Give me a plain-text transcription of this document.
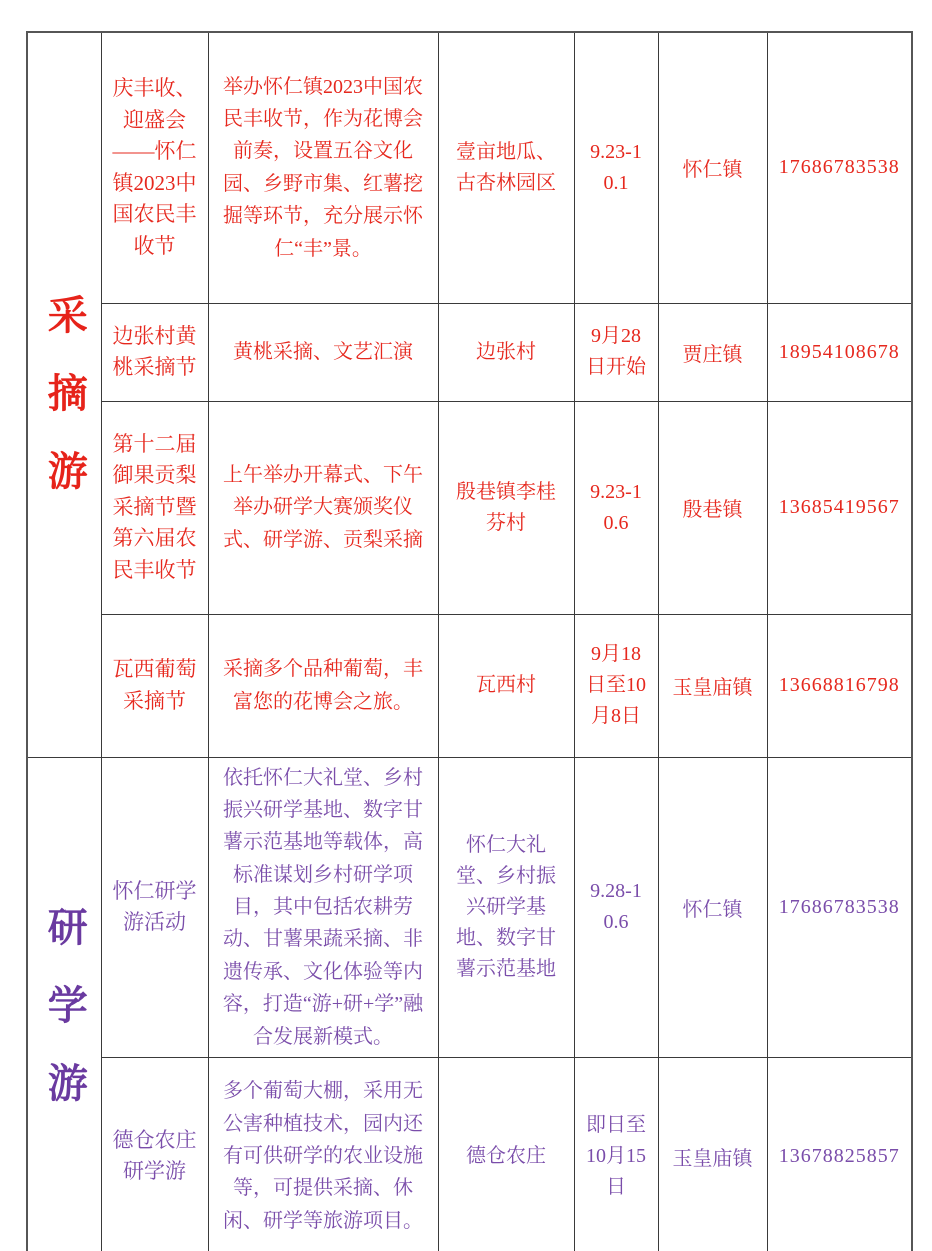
采摘游	庆丰收、迎盛会——怀仁镇2023中国农民丰收节	举办怀仁镇2023中国农民丰收节，作为花博会前奏，设置五谷文化园、乡野市集、红薯挖掘等环节，充分展示怀仁“丰”景。	壹亩地瓜、古杏林园区	9.23-10.1	怀仁镇	17686783538
	边张村黄桃采摘节	黄桃采摘、文艺汇演	边张村	9月28日开始	贾庄镇	18954108678
	第十二届御果贡梨采摘节暨第六届农民丰收节	上午举办开幕式、下午举办研学大赛颁奖仪式、研学游、贡梨采摘	殷巷镇李桂芬村	9.23-10.6	殷巷镇	13685419567
	瓦西葡萄采摘节	采摘多个品种葡萄，丰富您的花博会之旅。	瓦西村	9月18日至10月8日	玉皇庙镇	13668816798
研学游	怀仁研学游活动	依托怀仁大礼堂、乡村振兴研学基地、数字甘薯示范基地等载体，高标准谋划乡村研学项目，其中包括农耕劳动、甘薯果蔬采摘、非遗传承、文化体验等内容，打造“游+研+学”融合发展新模式。	怀仁大礼堂、乡村振兴研学基地、数字甘薯示范基地	9.28-10.6	怀仁镇	17686783538
	德仓农庄研学游	多个葡萄大棚，采用无公害种植技术，园内还有可供研学的农业设施等，可提供采摘、休闲、研学等旅游项目。	德仓农庄	即日至10月15日	玉皇庙镇	13678825857
